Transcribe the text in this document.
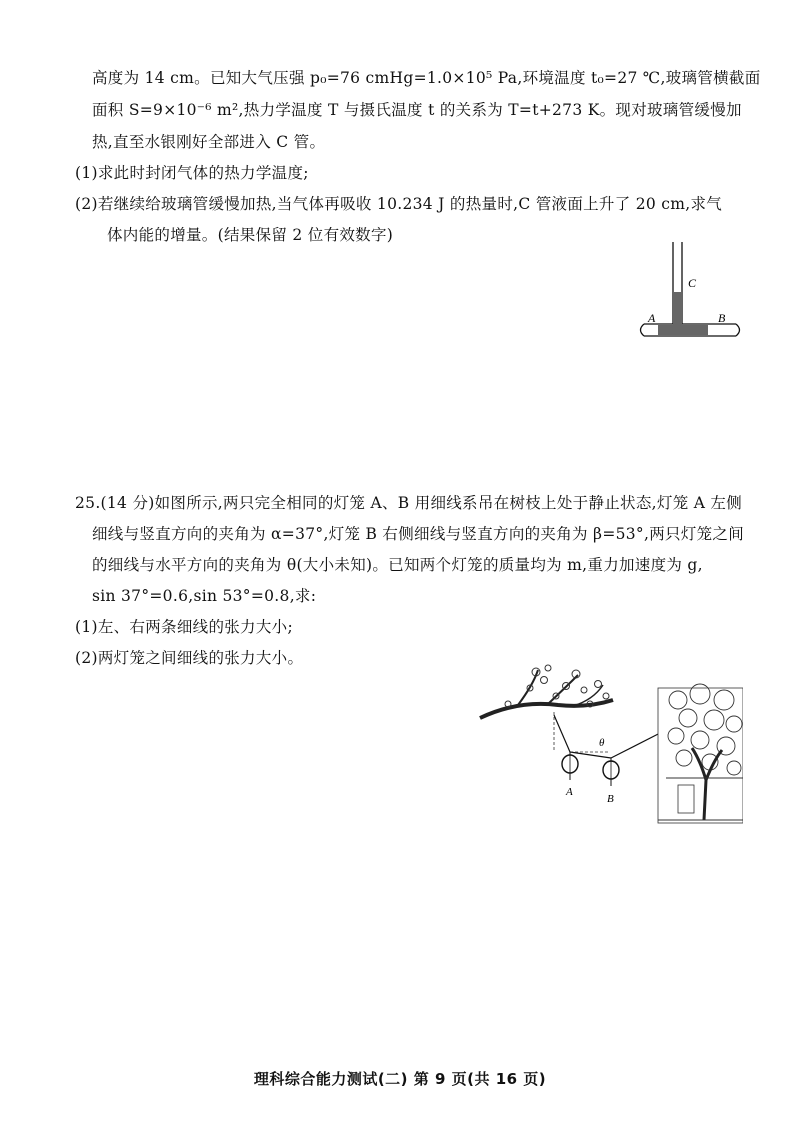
高度为 14 cm。已知大气压强 p₀=76 cmHg=1.0×10⁵ Pa,环境温度 t₀=27 ℃,玻璃管横截面
面积 S=9×10⁻⁶ m²,热力学温度 T 与摄氏温度 t 的关系为 T=t+273 K。现对玻璃管缓慢加
热,直至水银刚好全部进入 C 管。
(1)求此时封闭气体的热力学温度;
(2)若继续给玻璃管缓慢加热,当气体再吸收 10.234 J 的热量时,C 管液面上升了 20 cm,求气
体内能的增量。(结果保留 2 位有效数字)
C
A	B
25.(14 分)如图所示,两只完全相同的灯笼 A、B 用细线系吊在树枝上处于静止状态,灯笼 A 左侧
细线与竖直方向的夹角为 α=37°,灯笼 B 右侧细线与竖直方向的夹角为 β=53°,两只灯笼之间
的细线与水平方向的夹角为 θ(大小未知)。已知两个灯笼的质量均为 m,重力加速度为 g,
sin 37°=0.6,sin 53°=0.8,求:
(1)左、右两条细线的张力大小;
(2)两灯笼之间细线的张力大小。
θ
A
B
理科综合能力测试(二) 第 9 页(共 16 页)
